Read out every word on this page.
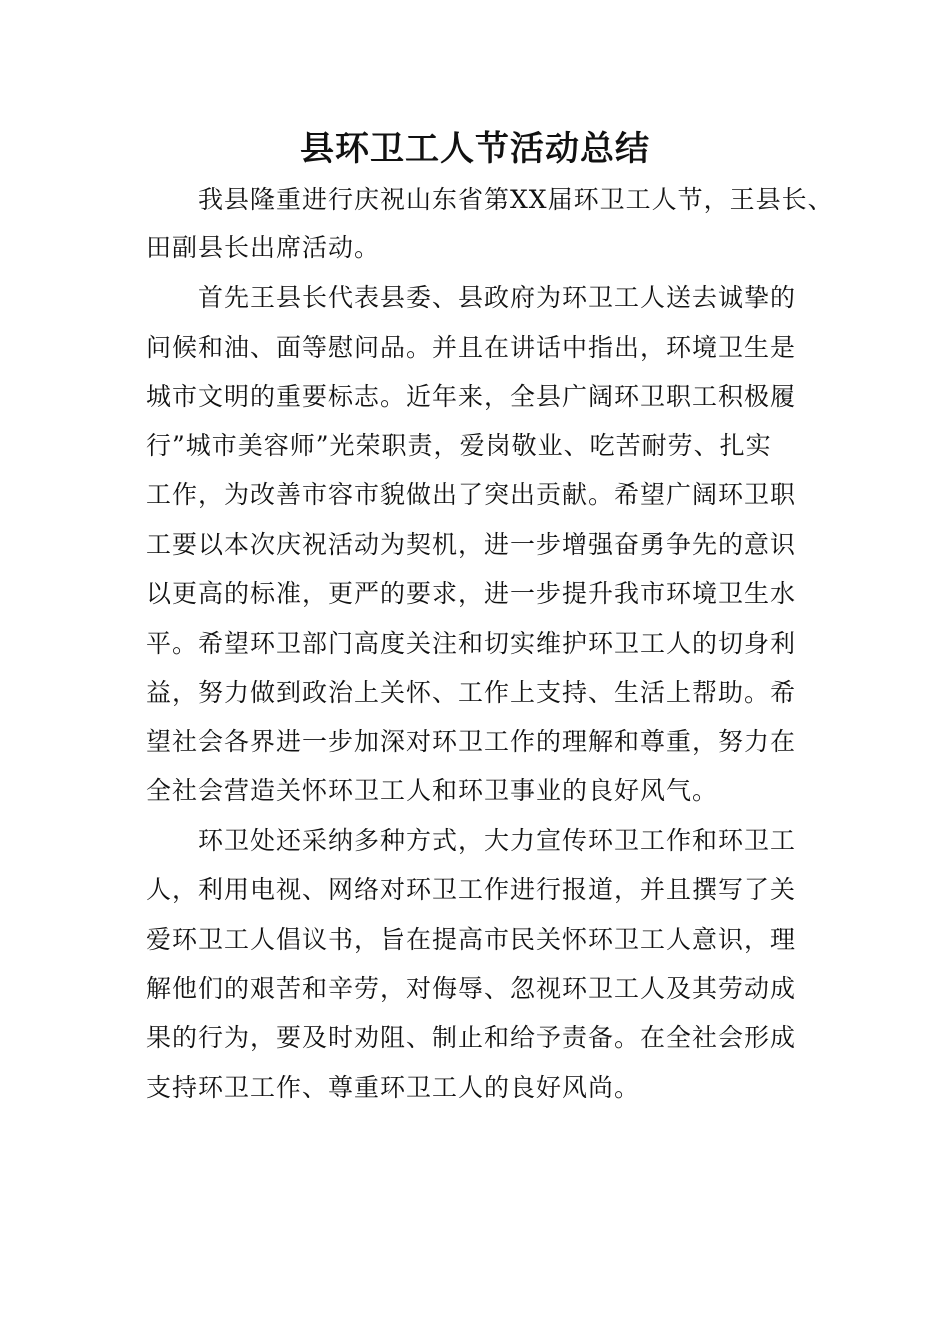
县环卫工人节活动总结
我县隆重进行庆祝山东省第XX届环卫工人节，王县长、
田副县长出席活动。
首先王县长代表县委、县政府为环卫工人送去诚挚的
问候和油、面等慰问品。并且在讲话中指出，环境卫生是
城市文明的重要标志。近年来，全县广阔环卫职工积极履
行”城市美容师”光荣职责，爱岗敬业、吃苦耐劳、扎实
工作，为改善市容市貌做出了突出贡献。希望广阔环卫职
工要以本次庆祝活动为契机，进一步增强奋勇争先的意识
以更高的标准，更严的要求，进一步提升我市环境卫生水
平。希望环卫部门高度关注和切实维护环卫工人的切身利
益，努力做到政治上关怀、工作上支持、生活上帮助。希
望社会各界进一步加深对环卫工作的理解和尊重，努力在
全社会营造关怀环卫工人和环卫事业的良好风气。
环卫处还采纳多种方式，大力宣传环卫工作和环卫工
人，利用电视、网络对环卫工作进行报道，并且撰写了关
爱环卫工人倡议书，旨在提高市民关怀环卫工人意识，理
解他们的艰苦和辛劳，对侮辱、忽视环卫工人及其劳动成
果的行为，要及时劝阻、制止和给予责备。在全社会形成
支持环卫工作、尊重环卫工人的良好风尚。
